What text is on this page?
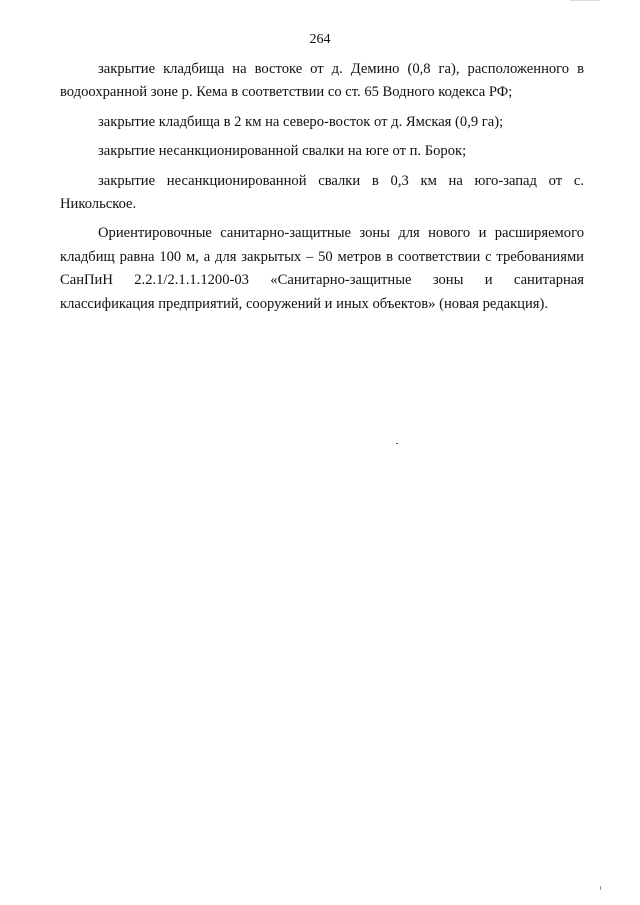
264

закрытие кладбища на востоке от д. Демино (0,8 га), расположенного в
водоохранной зоне р. Кема в соответствии со ст. 65 Водного кодекса РФ;

закрытие кладбища в 2 км на северо-восток от д. Ямская (0,9 га);

закрытие несанкционированной свалки на юге от п. Борок;

закрытие несанкционированной свалки в 0,3 км на юго-запад от с.
Никольское.

Ориентировочные санитарно-защитные зоны для нового и расширяемого
кладбищ равна 100 м, а для закрытых – 50 метров в соответствии с требованиями
СанПиН 2.2.1/2.1.1.1200-03 «Санитарно-защитные зоны и санитарная
классификация предприятий, сооружений и иных объектов» (новая редакция).
